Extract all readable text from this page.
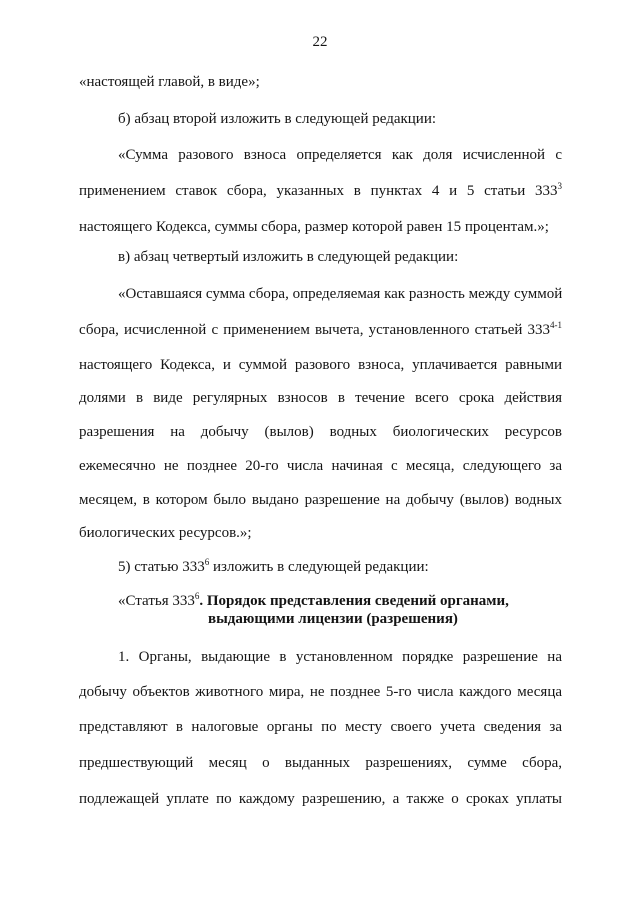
22
«настоящей главой, в виде»;
б) абзац второй изложить в следующей редакции:
«Сумма разового взноса определяется как доля исчисленной с
применением ставок сбора, указанных в пунктах 4 и 5 статьи $333^3$
настоящего Кодекса, суммы сбора, размер которой равен 15 процентам.»;
в) абзац четвертый изложить в следующей редакции:
«Оставшаяся сумма сбора, определяемая как разность между суммой
сбора, исчисленной с применением вычета, установленного статьей 333$^{4-1}$
настоящего Кодекса, и суммой разового взноса, уплачивается равными
долями в виде регулярных взносов в течение всего срока действия
разрешения на добычу (вылов) водных биологических ресурсов
ежемесячно не позднее 20-го числа начиная с месяца, следующего за
месяцем, в котором было выдано разрешение на добычу (вылов) водных
биологических ресурсов.»;
5) статью $333^6$ изложить в следующей редакции:
«Статья $333^6$. Порядок представления сведений органами,
выдающими лицензии (разрешения)
1. Органы, выдающие в установленном порядке разрешение на
добычу объектов животного мира, не позднее 5-го числа каждого месяца
представляют в налоговые органы по месту своего учета сведения за
предшествующий месяц о выданных разрешениях, сумме сбора,
подлежащей уплате по каждому разрешению, а также о сроках уплаты
